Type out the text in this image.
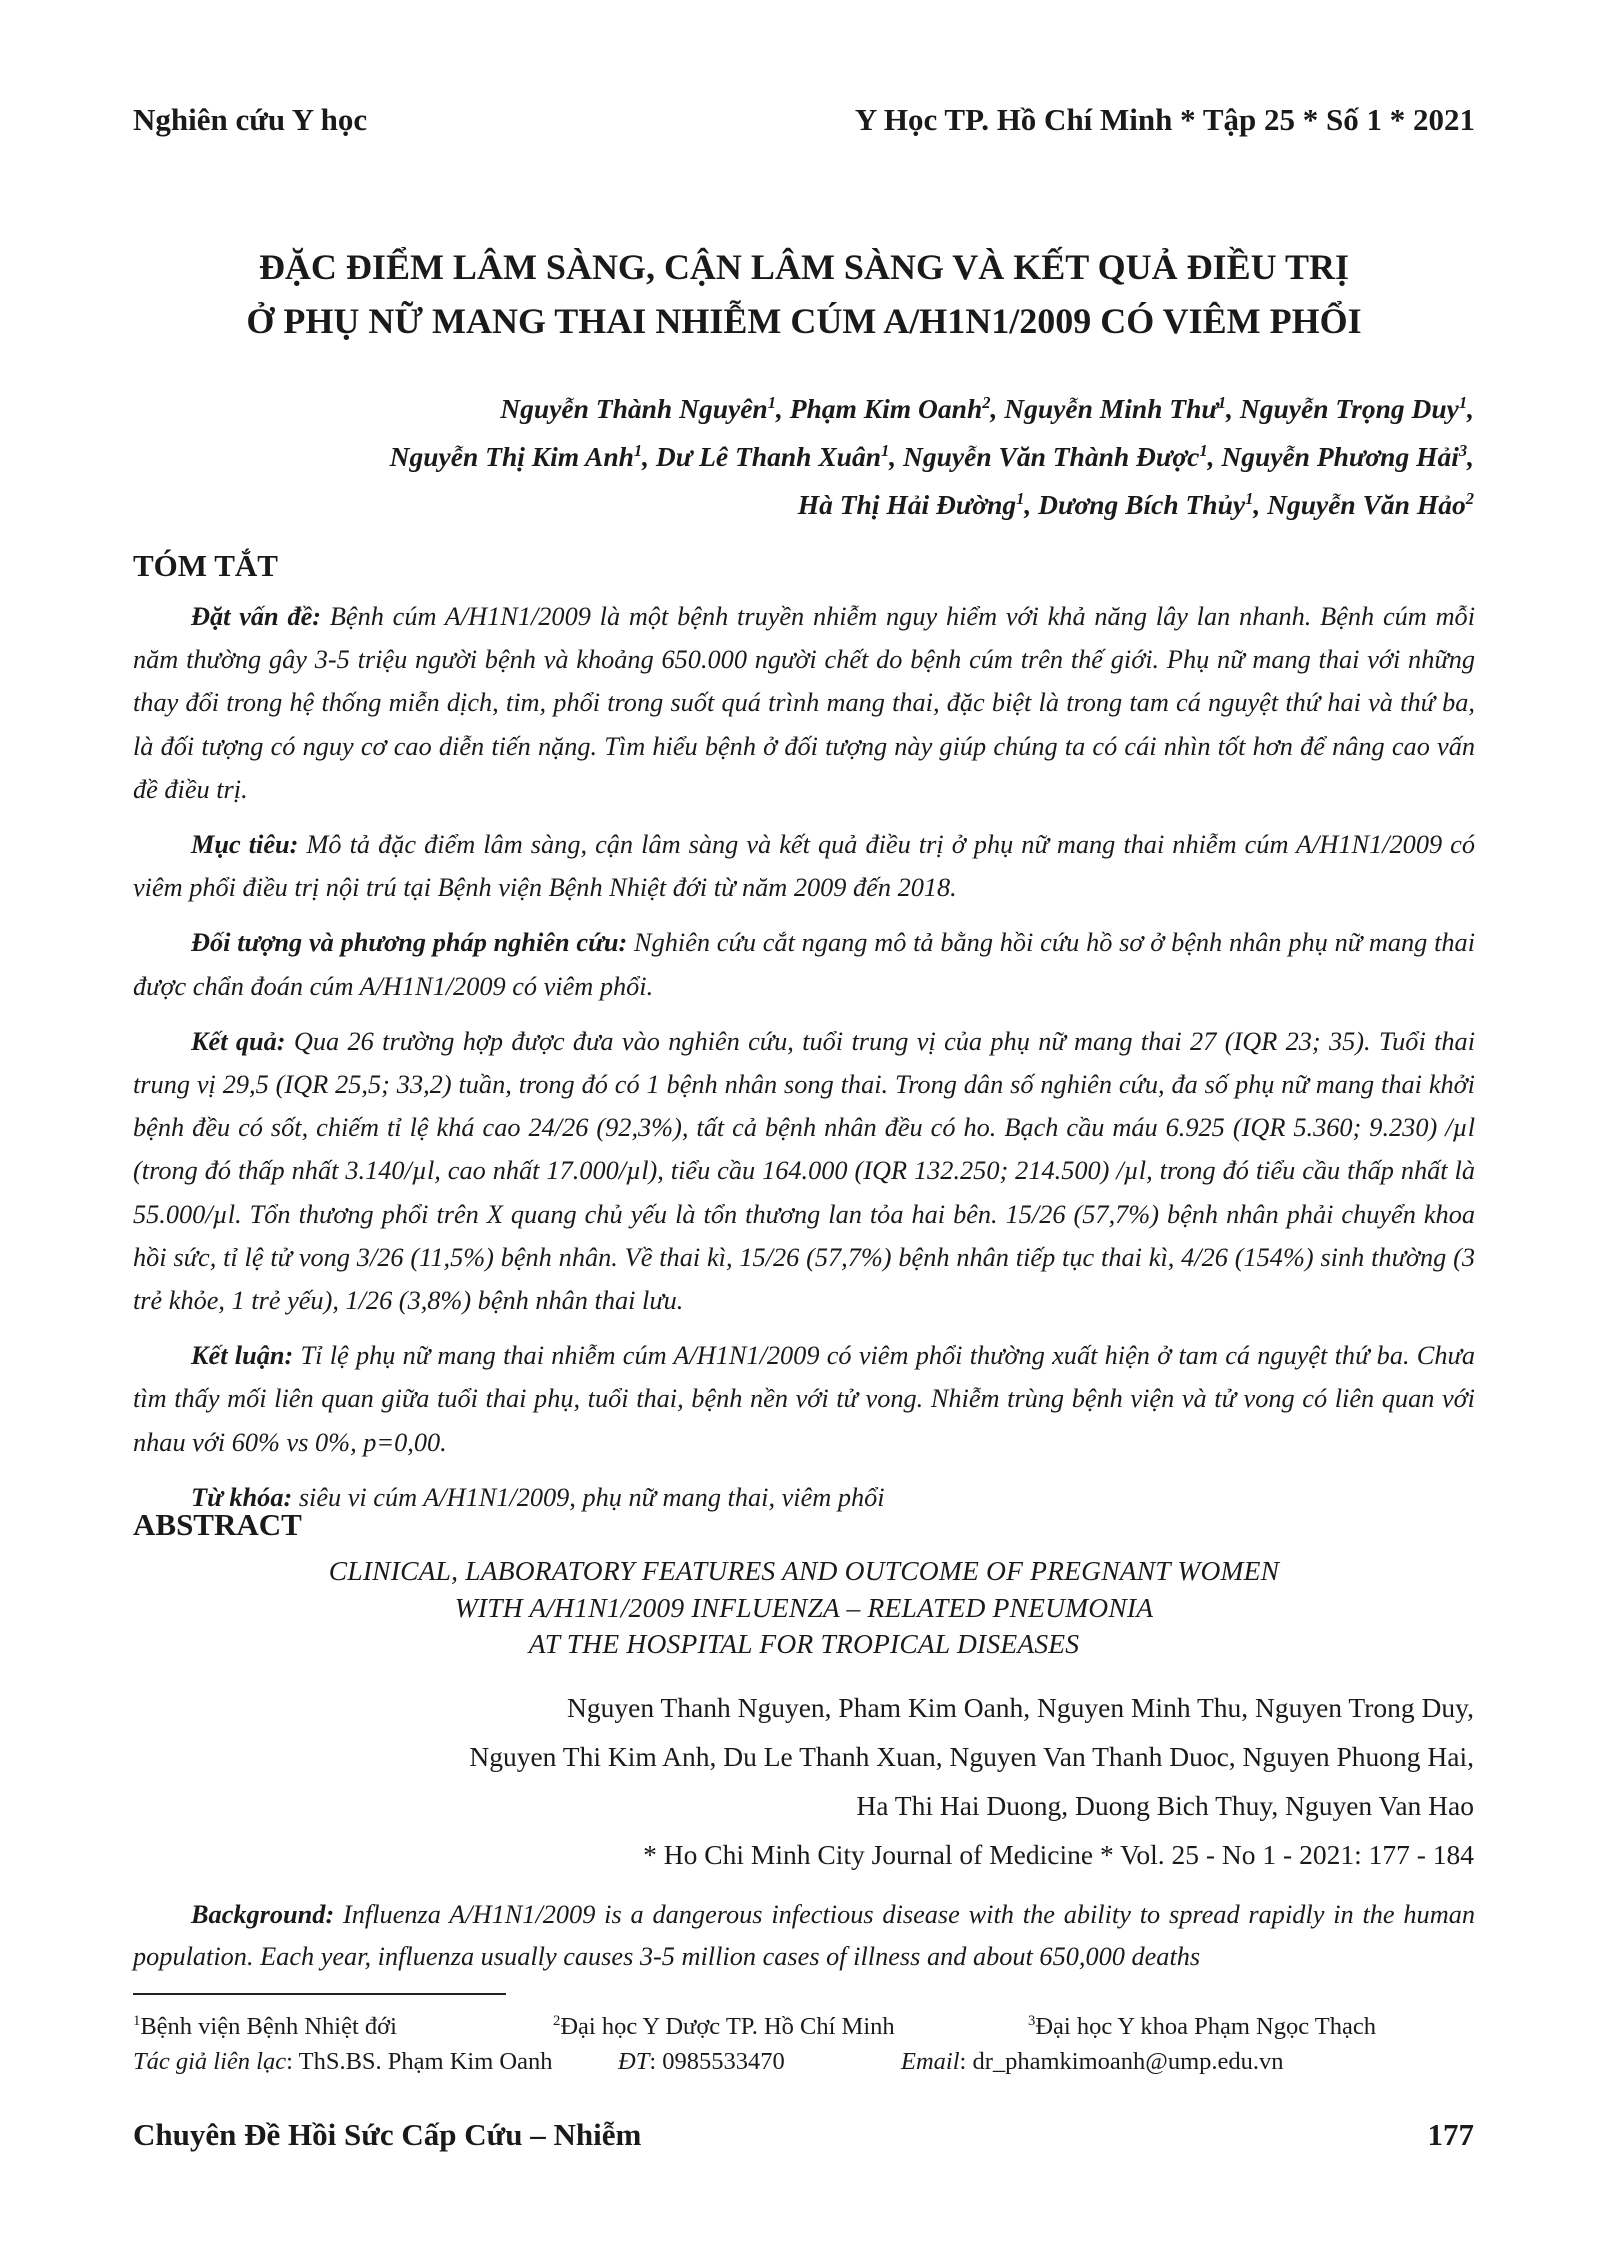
Nghiên cứu Y học	Y Học TP. Hồ Chí Minh * Tập 25 * Số 1 * 2021
ĐẶC ĐIỂM LÂM SÀNG, CẬN LÂM SÀNG VÀ KẾT QUẢ ĐIỀU TRỊ
Ở PHỤ NỮ MANG THAI NHIỄM CÚM A/H1N1/2009 CÓ VIÊM PHỔI
Nguyễn Thành Nguyên$^1$, Phạm Kim Oanh$^2$, Nguyễn Minh Thư$^1$, Nguyễn Trọng Duy$^1$,
Nguyễn Thị Kim Anh$^1$, Dư Lê Thanh Xuân$^1$, Nguyễn Văn Thành Được$^1$, Nguyễn Phương Hải$^3$,
Hà Thị Hải Đường$^1$, Dương Bích Thủy$^1$, Nguyễn Văn Hảo$^2$
TÓM TẮT

Đặt vấn đề: Bệnh cúm A/H1N1/2009 là một bệnh truyền nhiễm nguy hiểm với khả năng lây lan nhanh. Bệnh cúm mỗi năm thường gây 3-5 triệu người bệnh và khoảng 650.000 người chết do bệnh cúm trên thế giới. Phụ nữ mang thai với những thay đổi trong hệ thống miễn dịch, tim, phổi trong suốt quá trình mang thai, đặc biệt là trong tam cá nguyệt thứ hai và thứ ba, là đối tượng có nguy cơ cao diễn tiến nặng. Tìm hiểu bệnh ở đối tượng này giúp chúng ta có cái nhìn tốt hơn để nâng cao vấn đề điều trị.

Mục tiêu: Mô tả đặc điểm lâm sàng, cận lâm sàng và kết quả điều trị ở phụ nữ mang thai nhiễm cúm A/H1N1/2009 có viêm phổi điều trị nội trú tại Bệnh viện Bệnh Nhiệt đới từ năm 2009 đến 2018.

Đối tượng và phương pháp nghiên cứu: Nghiên cứu cắt ngang mô tả bằng hồi cứu hồ sơ ở bệnh nhân phụ nữ mang thai được chẩn đoán cúm A/H1N1/2009 có viêm phổi.

Kết quả: Qua 26 trường hợp được đưa vào nghiên cứu, tuổi trung vị của phụ nữ mang thai 27 (IQR 23; 35). Tuổi thai trung vị 29,5 (IQR 25,5; 33,2) tuần, trong đó có 1 bệnh nhân song thai. Trong dân số nghiên cứu, đa số phụ nữ mang thai khởi bệnh đều có sốt, chiếm tỉ lệ khá cao 24/26 (92,3%), tất cả bệnh nhân đều có ho. Bạch cầu máu 6.925 (IQR 5.360; 9.230) /µl (trong đó thấp nhất 3.140/µl, cao nhất 17.000/µl), tiểu cầu 164.000 (IQR 132.250; 214.500) /µl, trong đó tiểu cầu thấp nhất là 55.000/µl. Tổn thương phổi trên X quang chủ yếu là tổn thương lan tỏa hai bên. 15/26 (57,7%) bệnh nhân phải chuyển khoa hồi sức, tỉ lệ tử vong 3/26 (11,5%) bệnh nhân. Về thai kì, 15/26 (57,7%) bệnh nhân tiếp tục thai kì, 4/26 (154%) sinh thường (3 trẻ khỏe, 1 trẻ yếu), 1/26 (3,8%) bệnh nhân thai lưu.

Kết luận: Tỉ lệ phụ nữ mang thai nhiễm cúm A/H1N1/2009 có viêm phổi thường xuất hiện ở tam cá nguyệt thứ ba. Chưa tìm thấy mối liên quan giữa tuổi thai phụ, tuổi thai, bệnh nền với tử vong. Nhiễm trùng bệnh viện và tử vong có liên quan với nhau với 60% vs 0%, p=0,00.

Từ khóa: siêu vi cúm A/H1N1/2009, phụ nữ mang thai, viêm phổi

ABSTRACT
CLINICAL, LABORATORY FEATURES AND OUTCOME OF PREGNANT WOMEN
WITH A/H1N1/2009 INFLUENZA – RELATED PNEUMONIA
AT THE HOSPITAL FOR TROPICAL DISEASES
Nguyen Thanh Nguyen, Pham Kim Oanh, Nguyen Minh Thu, Nguyen Trong Duy,
Nguyen Thi Kim Anh, Du Le Thanh Xuan, Nguyen Van Thanh Duoc, Nguyen Phuong Hai,
Ha Thi Hai Duong, Duong Bich Thuy, Nguyen Van Hao
* Ho Chi Minh City Journal of Medicine * Vol. 25 - No 1 - 2021: 177 - 184

Background: Influenza A/H1N1/2009 is a dangerous infectious disease with the ability to spread rapidly in the human population. Each year, influenza usually causes 3-5 million cases of illness and about 650,000 deaths

$^1$Bệnh viện Bệnh Nhiệt đới	$^2$Đại học Y Dược TP. Hồ Chí Minh	$^3$Đại học Y khoa Phạm Ngọc Thạch
Tác giả liên lạc: ThS.BS. Phạm Kim Oanh	ĐT: 0985533470	Email: dr_phamkimoanh@ump.edu.vn
Chuyên Đề Hồi Sức Cấp Cứu – Nhiễm	177
